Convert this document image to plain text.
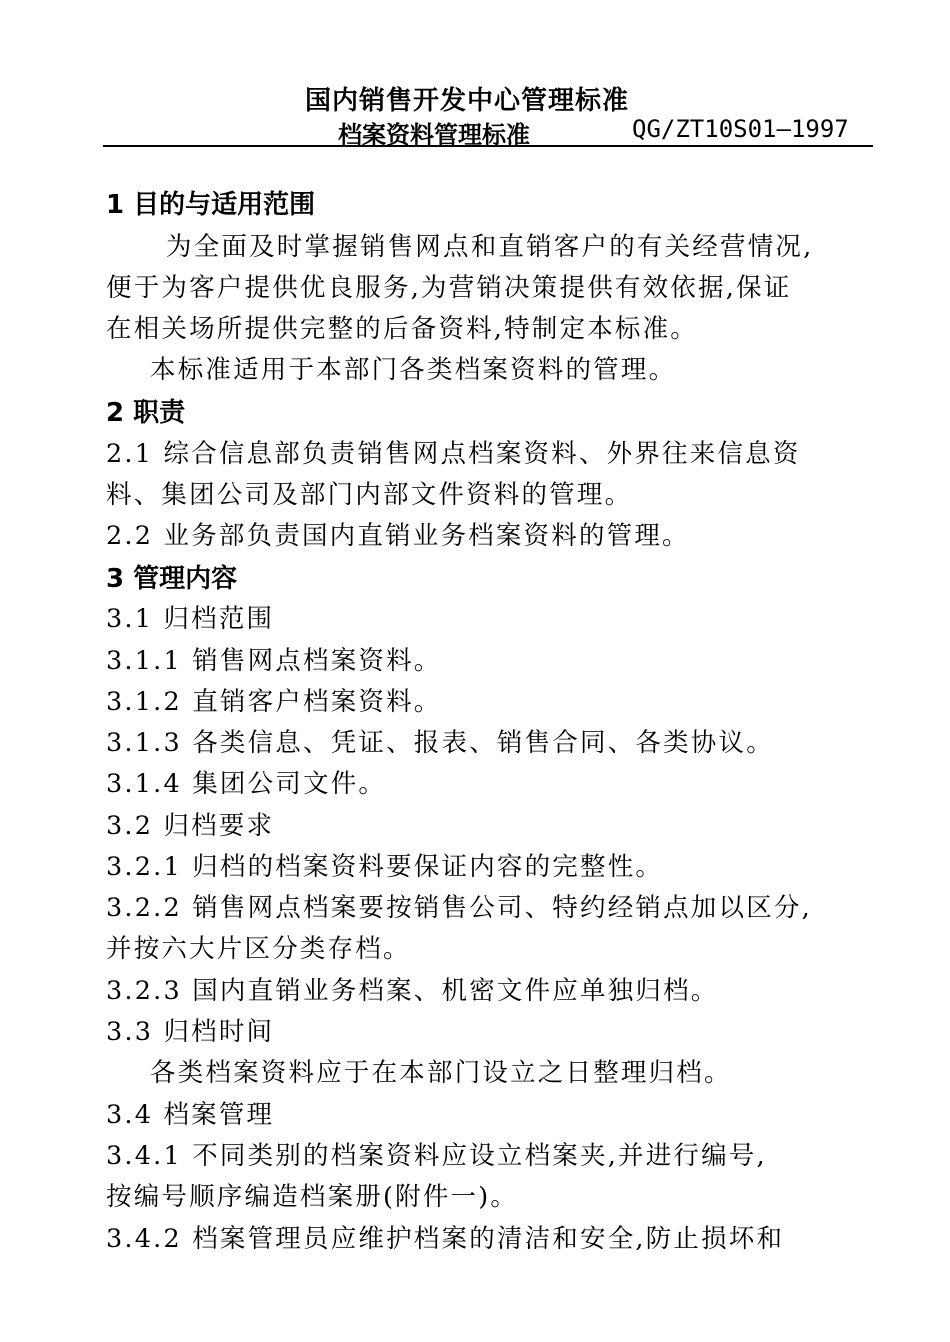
国内销售开发中心管理标准
档案资料管理标准	QG/ZT10S01—1997
1 目的与适用范围
为全面及时掌握销售网点和直销客户的有关经营情况,
便于为客户提供优良服务,为营销决策提供有效依据,保证
在相关场所提供完整的后备资料,特制定本标准。
本标准适用于本部门各类档案资料的管理。
2 职责
2.1 综合信息部负责销售网点档案资料、外界往来信息资
料、集团公司及部门内部文件资料的管理。
2.2 业务部负责国内直销业务档案资料的管理。
3 管理内容
3.1 归档范围
3.1.1 销售网点档案资料。
3.1.2 直销客户档案资料。
3.1.3 各类信息、凭证、报表、销售合同、各类协议。
3.1.4 集团公司文件。
3.2 归档要求
3.2.1 归档的档案资料要保证内容的完整性。
3.2.2 销售网点档案要按销售公司、特约经销点加以区分,
并按六大片区分类存档。
3.2.3 国内直销业务档案、机密文件应单独归档。
3.3 归档时间
各类档案资料应于在本部门设立之日整理归档。
3.4 档案管理
3.4.1 不同类别的档案资料应设立档案夹,并进行编号,
按编号顺序编造档案册(附件一)。
3.4.2 档案管理员应维护档案的清洁和安全,防止损坏和
